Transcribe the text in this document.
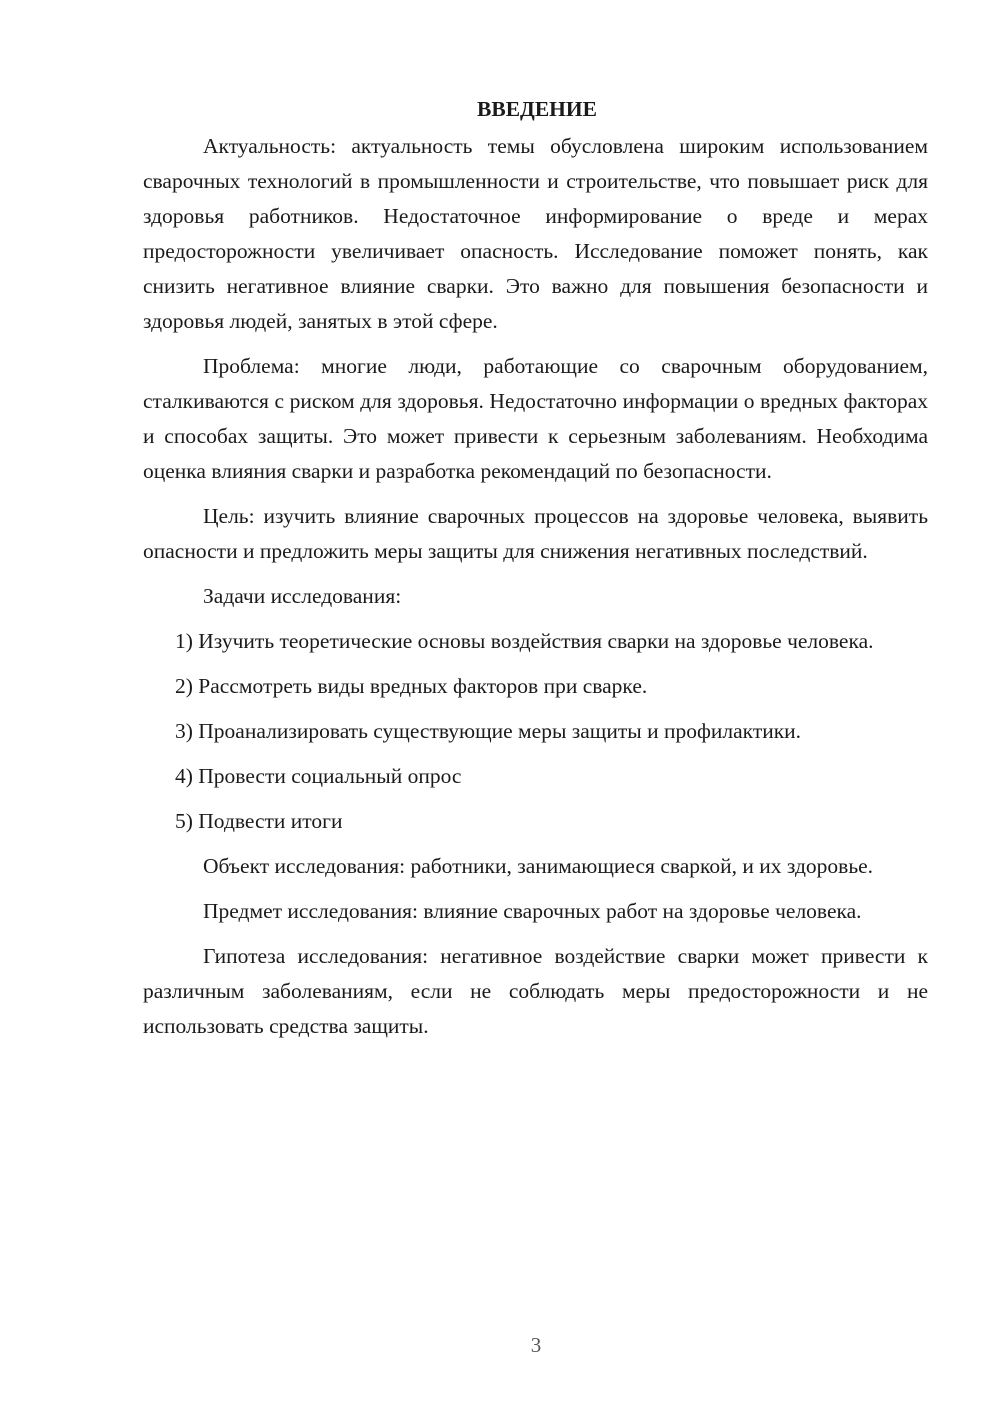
ВВЕДЕНИЕ

Актуальность: актуальность темы обусловлена широким использованием сварочных технологий в промышленности и строительстве, что повышает риск для здоровья работников. Недостаточное информирование о вреде и мерах предосторожности увеличивает опасность. Исследование поможет понять, как снизить негативное влияние сварки. Это важно для повышения безопасности и здоровья людей, занятых в этой сфере.

Проблема: многие люди, работающие со сварочным оборудованием, сталкиваются с риском для здоровья. Недостаточно информации о вредных факторах и способах защиты. Это может привести к серьезным заболеваниям. Необходима оценка влияния сварки и разработка рекомендаций по безопасности.

Цель: изучить влияние сварочных процессов на здоровье человека, выявить опасности и предложить меры защиты для снижения негативных последствий.

Задачи исследования:

1) Изучить теоретические основы воздействия сварки на здоровье человека.

2) Рассмотреть виды вредных факторов при сварке.

3) Проанализировать существующие меры защиты и профилактики.

4) Провести социальный опрос

5) Подвести итоги

Объект исследования: работники, занимающиеся сваркой, и их здоровье.

Предмет исследования: влияние сварочных работ на здоровье человека.

Гипотеза исследования: негативное воздействие сварки может привести к различным заболеваниям, если не соблюдать меры предосторожности и не использовать средства защиты.

3
